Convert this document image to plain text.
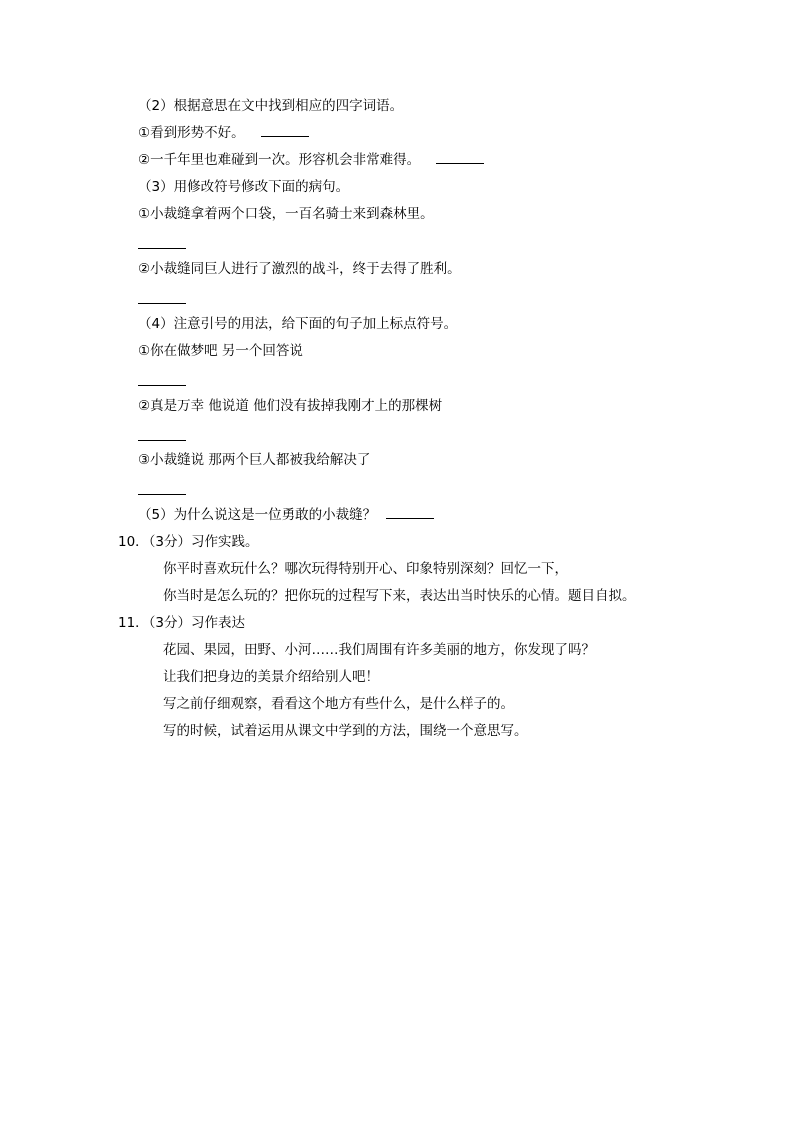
（2）根据意思在文中找到相应的四字词语。
①看到形势不好。
②一千年里也难碰到一次。形容机会非常难得。
（3）用修改符号修改下面的病句。
①小裁缝拿着两个口袋，一百名骑士来到森林里。
②小裁缝同巨人进行了激烈的战斗，终于去得了胜利。
（4）注意引号的用法，给下面的句子加上标点符号。
①你在做梦吧 另一个回答说
②真是万幸 他说道 他们没有拔掉我刚才上的那棵树
③小裁缝说 那两个巨人都被我给解决了
（5）为什么说这是一位勇敢的小裁缝？
10．（3分）习作实践。
你平时喜欢玩什么？哪次玩得特别开心、印象特别深刻？回忆一下，
你当时是怎么玩的？把你玩的过程写下来，表达出当时快乐的心情。题目自拟。
11．（3分）习作表达
花园、果园，田野、小河……我们周围有许多美丽的地方，你发现了吗？
让我们把身边的美景介绍给别人吧！
写之前仔细观察，看看这个地方有些什么，是什么样子的。
写的时候，试着运用从课文中学到的方法，围绕一个意思写。
